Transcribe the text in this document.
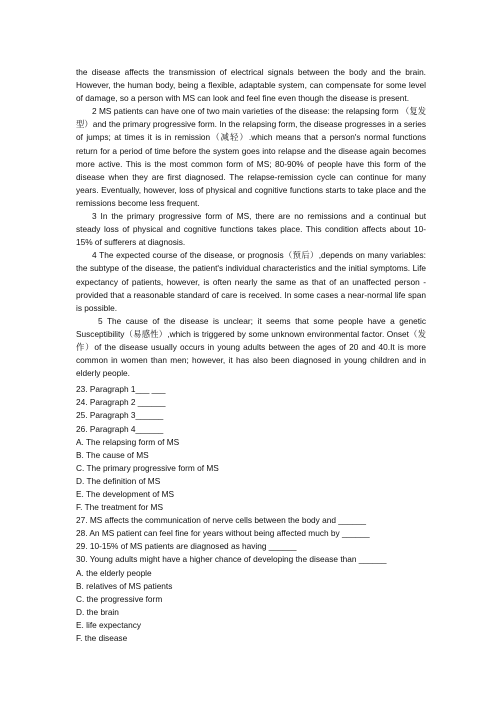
the disease affects the transmission of electrical signals between the body and the brain. However, the human body, being a flexible, adaptable system, can compensate for some level of damage, so a person with MS can look and feel fine even though the disease is present.

2 MS patients can have one of two main varieties of the disease: the relapsing form （复发型）and the primary progressive form. In the relapsing form, the disease progresses in a series of jumps; at times it is in remission（减轻）.which means that a person's normal functions return for a period of time before the system goes into relapse and the disease again becomes more active. This is the most common form of MS; 80-90% of people have this form of the disease when they are first diagnosed. The relapse-remission cycle can continue for many years. Eventually, however, loss of physical and cognitive functions starts to take place and the remissions become less frequent.

3 In the primary progressive form of MS, there are no remissions and a continual but steady loss of physical and cognitive functions takes place. This condition affects about 10-15% of sufferers at diagnosis.

4 The expected course of the disease, or prognosis（预后）,depends on many variables: the subtype of the disease, the patient's individual characteristics and the initial symptoms. Life expectancy of patients, however, is often nearly the same as that of an unaffected person - provided that a reasonable standard of care is received. In some cases a near-normal life span is possible.

5 The cause of the disease is unclear; it seems that some people have a genetic Susceptibility（易感性）,which is triggered by some unknown environmental factor. Onset（发作）of the disease usually occurs in young adults between the ages of 20 and 40.It is more common in women than men; however, it has also been diagnosed in young children and in elderly people.

23. Paragraph 1___ ___

24. Paragraph 2 ______

25. Paragraph 3______

26. Paragraph 4______

A. The relapsing form of MS

B. The cause of MS

C. The primary progressive form of MS

D. The definition of MS

E. The development of MS

F. The treatment for MS

27. MS affects the communication of nerve cells between the body and ______

28. An MS patient can feel fine for years without being affected much by ______

29. 10-15% of MS patients are diagnosed as having ______

30. Young adults might have a higher chance of developing the disease than ______

A. the elderly people

B. relatives of MS patients

C. the progressive form

D. the brain

E. life expectancy

F. the disease
